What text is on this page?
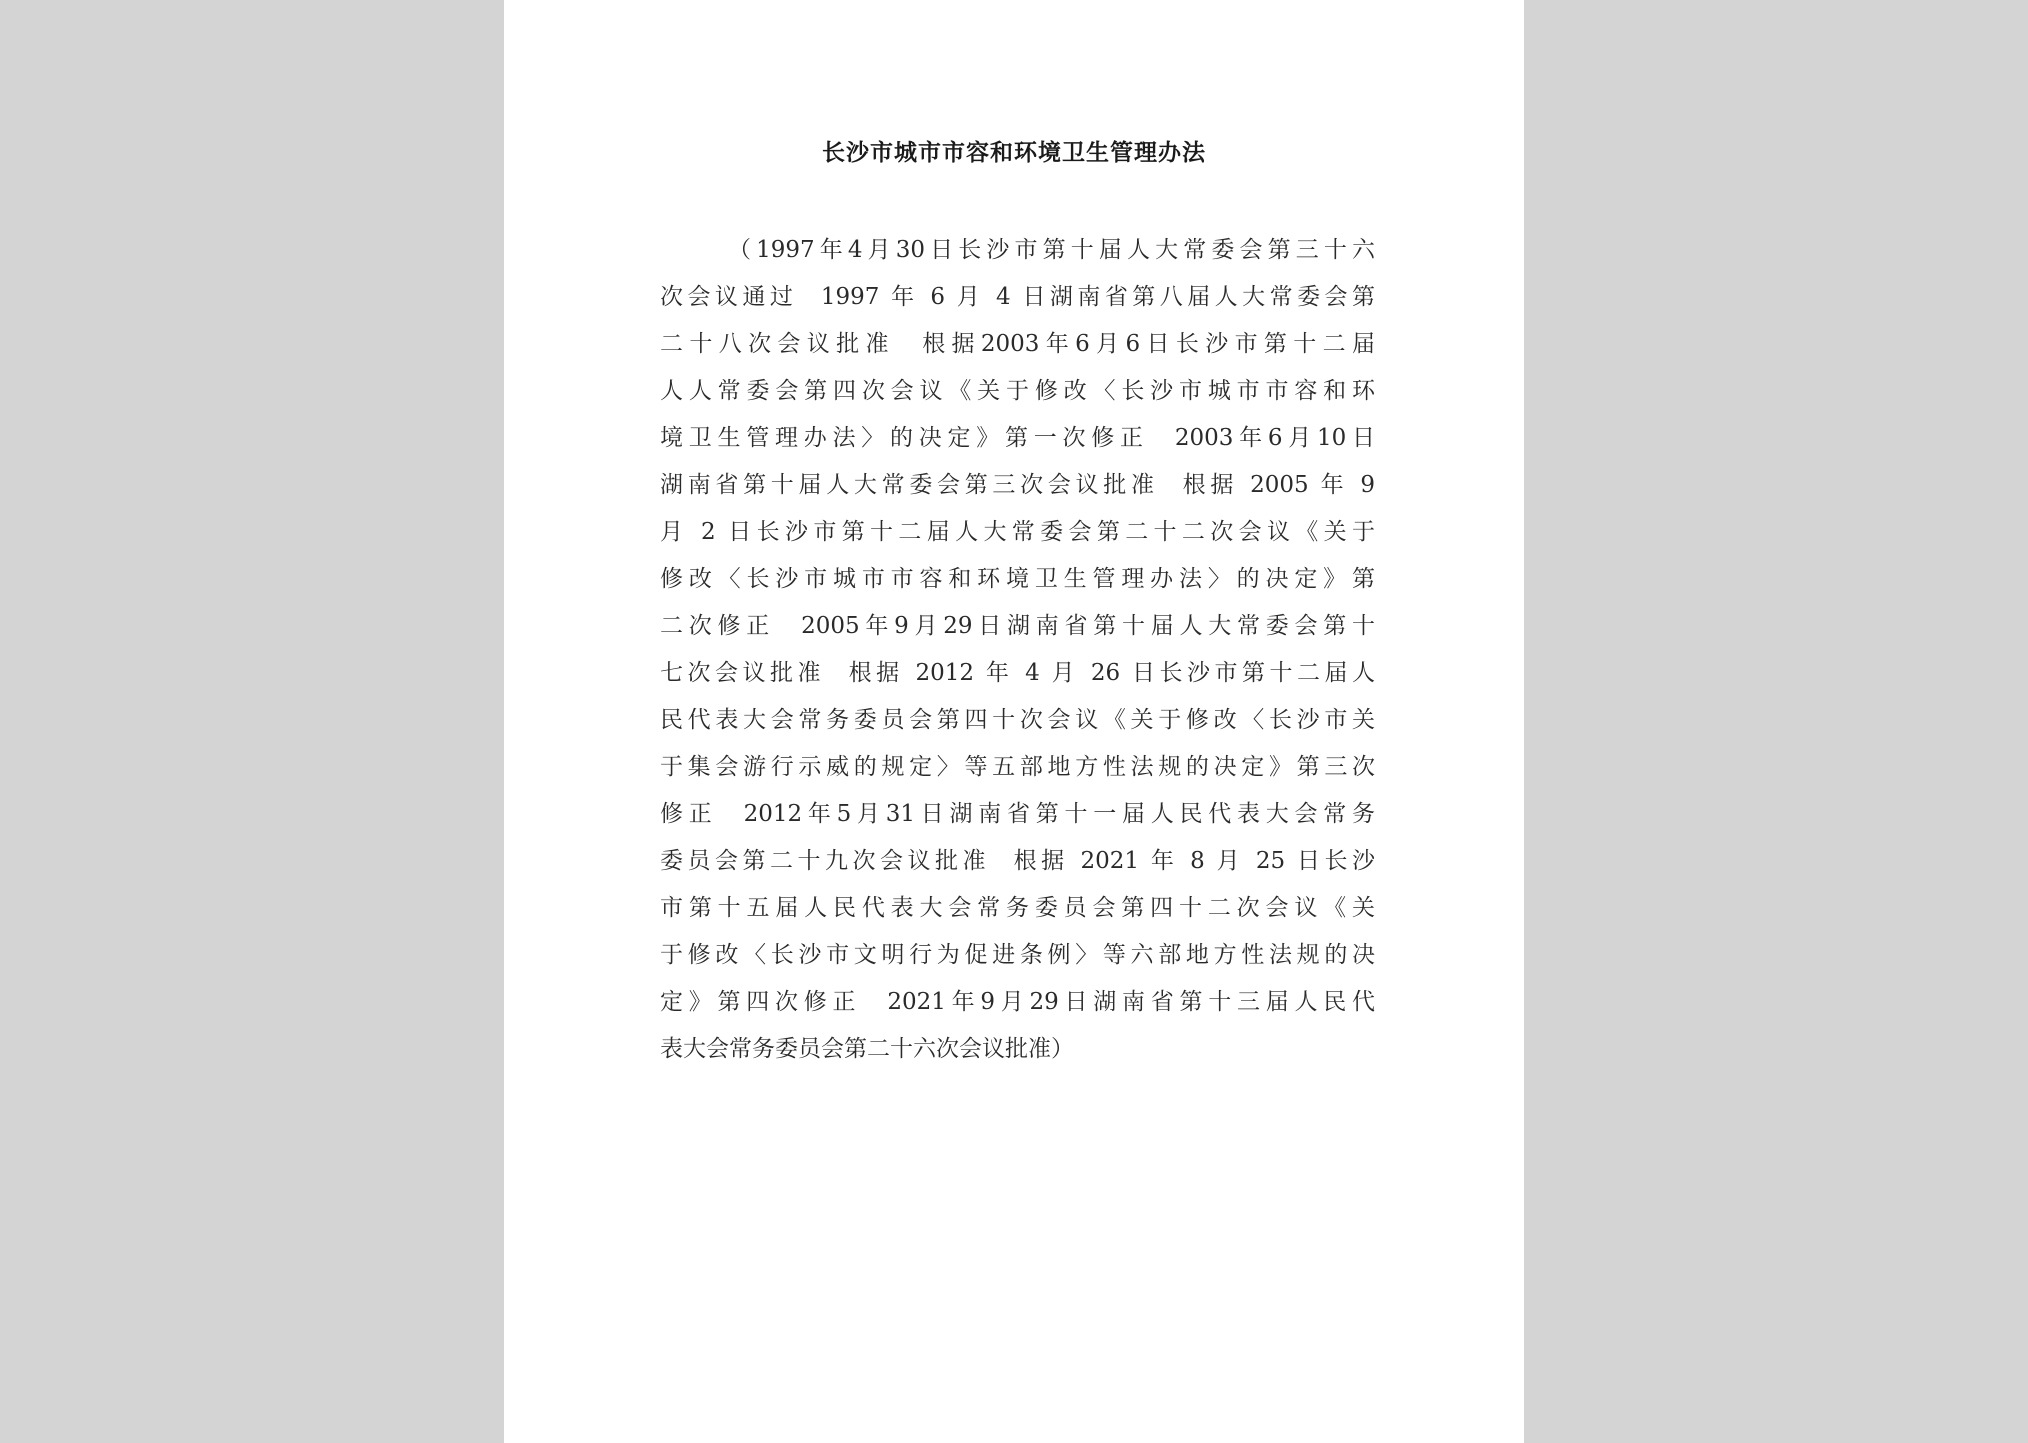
长沙市城市市容和环境卫生管理办法
（1997年4月30日长沙市第十届人大常委会第三十六
次会议通过  1997 年 6 月 4 日湖南省第八届人大常委会第
二十八次会议批准  根据2003年6月6日长沙市第十二届
人人常委会第四次会议《关于修改〈长沙市城市市容和环
境卫生管理办法〉的决定》第一次修正  2003年6月10日
湖南省第十届人大常委会第三次会议批准  根据 2005 年 9
月 2 日长沙市第十二届人大常委会第二十二次会议《关于
修改〈长沙市城市市容和环境卫生管理办法〉的决定》第
二次修正  2005年9月29日湖南省第十届人大常委会第十
七次会议批准  根据 2012 年 4 月 26 日长沙市第十二届人
民代表大会常务委员会第四十次会议《关于修改〈长沙市关
于集会游行示威的规定〉等五部地方性法规的决定》第三次
修正  2012年5月31日湖南省第十一届人民代表大会常务
委员会第二十九次会议批准  根据 2021 年 8 月 25 日长沙
市第十五届人民代表大会常务委员会第四十二次会议《关
于修改〈长沙市文明行为促进条例〉等六部地方性法规的决
定》第四次修正  2021年9月29日湖南省第十三届人民代
表大会常务委员会第二十六次会议批准）
